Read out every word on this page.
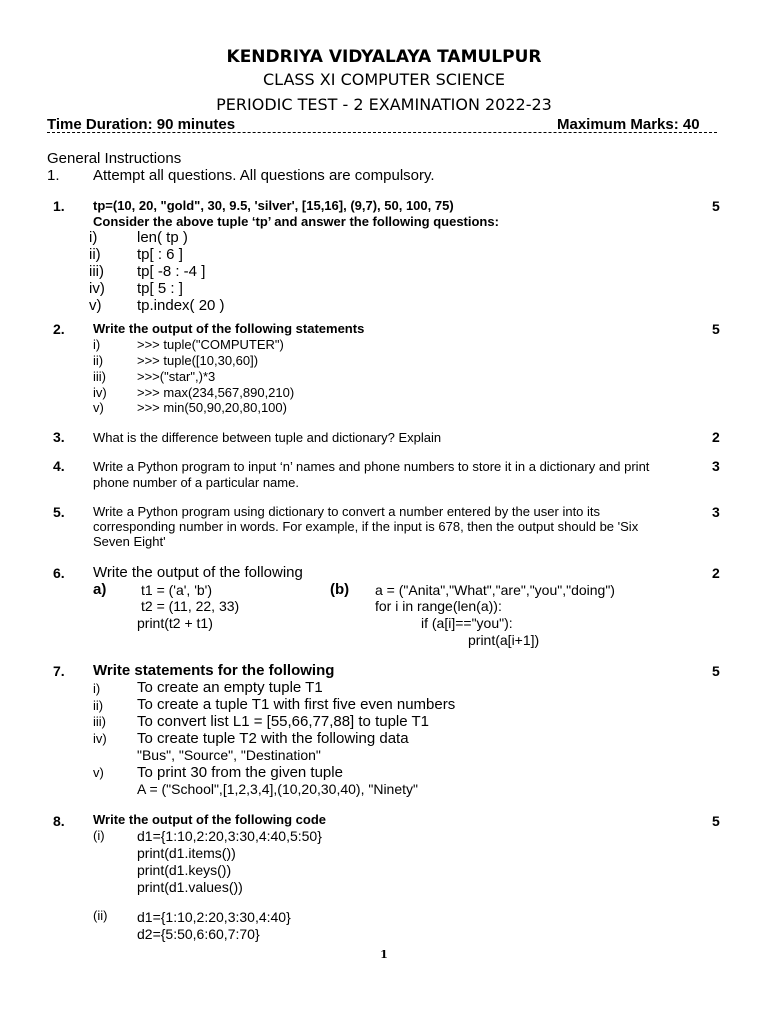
KENDRIYA VIDYALAYA TAMULPUR
CLASS XI COMPUTER SCIENCE
PERIODIC TEST - 2 EXAMINATION 2022-23
Time Duration: 90 minutes	Maximum Marks: 40
General Instructions
1. Attempt all questions. All questions are compulsory.
1.	5
tp=(10, 20, "gold", 30, 9.5, 'silver', [15,16], (9,7), 50, 100, 75)
Consider the above tuple ‘tp’ and answer the following questions:
i)	len( tp )
ii) tp[ : 6 ]
iii) tp[ -8 : -4 ]
iv) tp[ 5 : ]
v) tp.index( 20 )
2.	5
Write the output of the following statements
i)	>>> tuple("COMPUTER")
ii)	>>> tuple([10,30,60])
iii) >>>("star",)*3
iv) >>> max(234,567,890,210)
v)	>>> min(50,90,20,80,100)
3.	2
What is the difference between tuple and dictionary? Explain
4.	3
Write a Python program to input ‘n’ names and phone numbers to store it in a dictionary and print
phone number of a particular name.
5.	3
Write a Python program using dictionary to convert a number entered by the user into its
corresponding number in words. For example, if the input is 678, then the output should be 'Six
Seven Eight'
6.	2
Write the output of the following
a) t1 = ('a', 'b')
t2 = (11, 22, 33)
print(t2 + t1)
(b) a = ("Anita","What","are","you","doing")
for i in range(len(a)):
if (a[i]=="you"):
print(a[i+1])
7.	5
Write statements for the following
i) To create an empty tuple T1
ii) To create a tuple T1 with first five even numbers
iii) To convert list L1 = [55,66,77,88] to tuple T1
iv) To create tuple T2 with the following data
"Bus", "Source", "Destination"
v) To print 30 from the given tuple
A = ("School",[1,2,3,4],(10,20,30,40), "Ninety"
8.	5
Write the output of the following code
(i) d1={1:10,2:20,3:30,4:40,5:50}
print(d1.items())
print(d1.keys())
print(d1.values())
(ii) d1={1:10,2:20,3:30,4:40}
d2={5:50,6:60,7:70}
1
